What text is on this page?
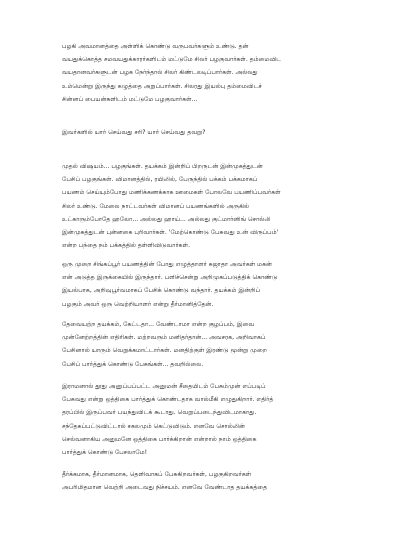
பழகி அவமானத்தை அள்ளிக் கொண்டு வருபவர்களும் உண்டு. தன்
வயதுக்கொத்த சமவயதுக்காரர்களிடம் மட்டுமே சிலர் பழகுவார்கள். தம்மைவிட
வயதானவர்களுடன் பழக நேர்ந்தால் சிலர் கிண்டலடிப்பார்கள். அல்லது
உம்மென்று இருந்து கழுத்தை அறுப்பார்கள். சிலரது இயல்பு தம்மைவிடச்
சின்னப் பையன்களிடம் மட்டுமே பழகுவார்கள்...

இவர்களில் யார் செய்வது சரி? யார் செய்வது தவறு?

முதல் விஷயம்... பழகுங்கள். தயக்கம் இன்றிப் பிறருடன் இன்முகத்துடன்
பேசிப் பழகுங்கள். விமானத்தில், ரயிலில், பேருந்தில் பக்கம் பக்கமாகப்
பயணம் செய்யும்போது மணிக்கணக்காக ஊமைகள் போலவே பயணிப்பவர்கள்
சிலர் உண்டு. மேலை நாட்டவர்கள் விமானப் பயணங்களில் அருகில்
உட்காரும்போதே ஹலோ... அல்லது ஹாய்... அல்லது குட்மார்னிங் சொல்லி
இன்முகத்துடன் புன்னகை புரிவார்கள். 'மேற்கொண்டு பேசுவது உன் விருப்பம்'
என்ற பந்தை நம் பக்கத்தில் தள்ளிவிடுவார்கள்.

ஒரு முறை சிங்கப்பூர் பயணத்தின் போது எழுத்தாளர் சுஜாதா அவர்கள் மகன்
என் அடுத்த இருக்கையில் இருந்தார். பளிச்சென்று அறிமுகப்படுத்திக் கொண்டு
இயல்பாக, அறிவுபூர்வமாகப் பேசிக் கொண்டு வந்தார். தயக்கம் இன்றிப்
பழகும் அவர் ஒரு வெற்றியாளர் என்று தீர்மானித்தேன்.

தேவையற்ற தயக்கம், கேட்டதா... வேண்டாமா என்ற குழப்பம், இவை
முன்னேற்றத்தின் எதிரிகள். மற்றவரும் மனிதர்தான்... அவசரக, அறிவாகப்
பேசினால் யாரும் வெறுக்கமாட்டார்கள். மனதிற்குள் இரண்டு மூன்று முறை
பேசிப் பார்த்துக் கொண்டு பேசுங்கள்... தவறில்லை.

இராமனால் தூது அனுப்பப்பட்ட அனுமன் சீதையிடம் பேசும்முன் எப்படிப்
பேசுவது என்று ஒத்திகை பார்த்துக் கொண்டதாக வால்மீகி எழுதுகிறார். எதிர்த்
தரப்பில் இருப்பவர் பயந்துவிடக் கூடாது. வெறுப்படைந்துவிடமாகாது.
சந்தேகப்பட்டுவிட்டால் சகலமும் கெட்டுவிடும். எனவே சொல்லின்
செல்வனாகிய அனுமனே ஒத்திகை பார்க்கிறான் என்றால் நாம் ஒத்திகை
பார்த்துக் கொண்டு பேசலாமே!

தீர்க்கமாக, தீர்மானமாக, தெளிவாகப் பேசுகிறவர்கள், பழகுகிறவர்கள்
அபரிமிதமான வெற்றி அடைவது நிச்சயம். எனவே வேண்டாத தயக்கத்தை
